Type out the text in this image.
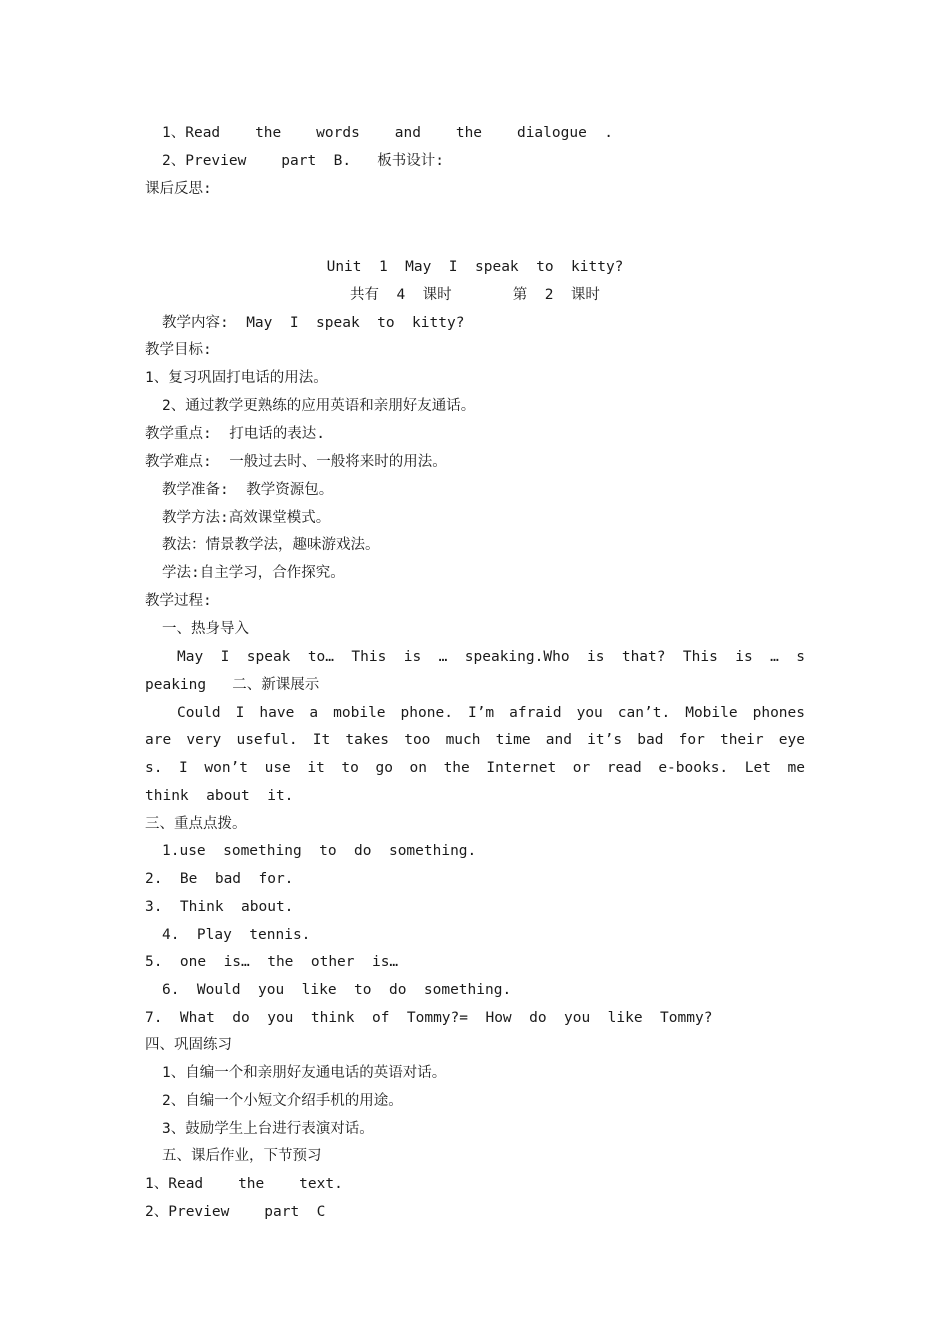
1、Read    the    words    and    the    dialogue  .

2、Preview    part  B.   板书设计:

课后反思:

Unit  1  May  I  speak  to  kitty?

共有  4  课时       第  2  课时

教学内容:  May  I  speak  to  kitty?

教学目标:

1、复习巩固打电话的用法。

2、通过教学更熟练的应用英语和亲朋好友通话。

教学重点:  打电话的表达.

教学难点:  一般过去时、一般将来时的用法。

教学准备:  教学资源包。

教学方法:高效课堂模式。

教法：情景教学法，趣味游戏法。

学法:自主学习，合作探究。

教学过程:

一、热身导入

May I speak to… This is … speaking.Who is that? This is … s

peaking   二、新课展示

Could I have a mobile phone. I’m afraid you can’t. Mobile phones

are very useful. It takes too much time and it’s bad for their eye

s. I won’t use it to go on the Internet or read e-books. Let me

think  about  it.

三、重点点拨。

1.use  something  to  do  something.

2.  Be  bad  for.

3.  Think  about.

4.  Play  tennis.

5.  one  is…  the  other  is…

6.  Would  you  like  to  do  something.

7.  What  do  you  think  of  Tommy?=  How  do  you  like  Tommy?

四、巩固练习

1、自编一个和亲朋好友通电话的英语对话。

2、自编一个小短文介绍手机的用途。

3、鼓励学生上台进行表演对话。

五、课后作业，下节预习

1、Read    the    text.

2、Preview    part  C
